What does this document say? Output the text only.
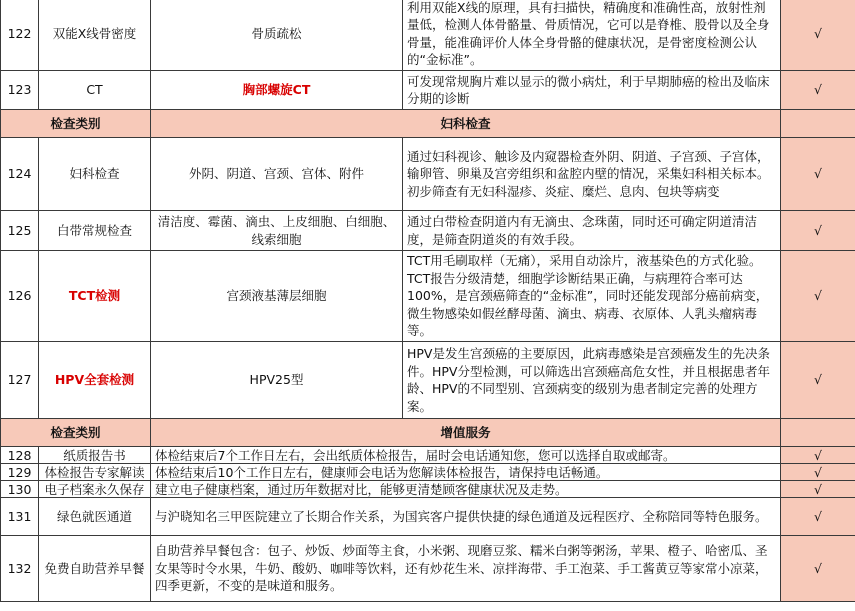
122	双能X线骨密度	骨质疏松	利用双能X线的原理，具有扫描快，精确度和准确性高，放射性剂量低，检测人体骨骼量、骨质情况，它可以是脊椎、股骨以及全身骨量，能准确评价人体全身骨骼的健康状况，是骨密度检测公认的“金标准”。	√
123	CT	胸部螺旋CT	可发现常规胸片难以显示的微小病灶，利于早期肺癌的检出及临床分期的诊断	√
检查类别		妇科检查		
124	妇科检查	外阴、阴道、宫颈、宫体、附件	通过妇科视诊、触诊及内窥器检查外阴、阴道、子宫颈、子宫体，输卵管、卵巢及宫旁组织和盆腔内壁的情况，采集妇科相关标本。初步筛查有无妇科湿疹、炎症、糜烂、息肉、包块等病变	√
125	白带常规检查	清洁度、霉菌、滴虫、上皮细胞、白细胞、线索细胞	通过白带检查阴道内有无滴虫、念珠菌，同时还可确定阴道清洁度，是筛查阴道炎的有效手段。	√
126	TCT检测	宫颈液基薄层细胞	TCT用毛刷取样（无痛），采用自动涂片，液基染色的方式化验。TCT报告分级清楚，细胞学诊断结果正确，与病理符合率可达100%，是宫颈癌筛查的“金标准”，同时还能发现部分癌前病变，微生物感染如假丝酵母菌、滴虫、病毒、衣原体、人乳头瘤病毒等。	√
127	HPV全套检测	HPV25型	HPV是发生宫颈癌的主要原因，此病毒感染是宫颈癌发生的先决条件。HPV分型检测，可以筛选出宫颈癌高危女性，并且根据患者年龄、HPV的不同型别、宫颈病变的级别为患者制定完善的处理方案。	√
检查类别		增值服务		
128	纸质报告书	体检结束后7个工作日左右，会出纸质体检报告，届时会电话通知您，您可以选择自取或邮寄。		√
129	体检报告专家解读	体检结束后10个工作日左右，健康师会电话为您解读体检报告，请保持电话畅通。		√
130	电子档案永久保存	建立电子健康档案，通过历年数据对比，能够更清楚顾客健康状况及走势。		√
131	绿色就医通道	与沪晓知名三甲医院建立了长期合作关系，为国宾客户提供快捷的绿色通道及远程医疗、全称陪同等特色服务。		√
132	免费自助营养早餐	自助营养早餐包含：包子、炒饭、炒面等主食，小米粥、现磨豆浆、糯米白粥等粥汤，苹果、橙子、哈密瓜、圣女果等时令水果，牛奶、酸奶、咖啡等饮料，还有炒花生米、凉拌海带、手工泡菜、手工酱黄豆等家常小凉菜，四季更新，不变的是味道和服务。		√
